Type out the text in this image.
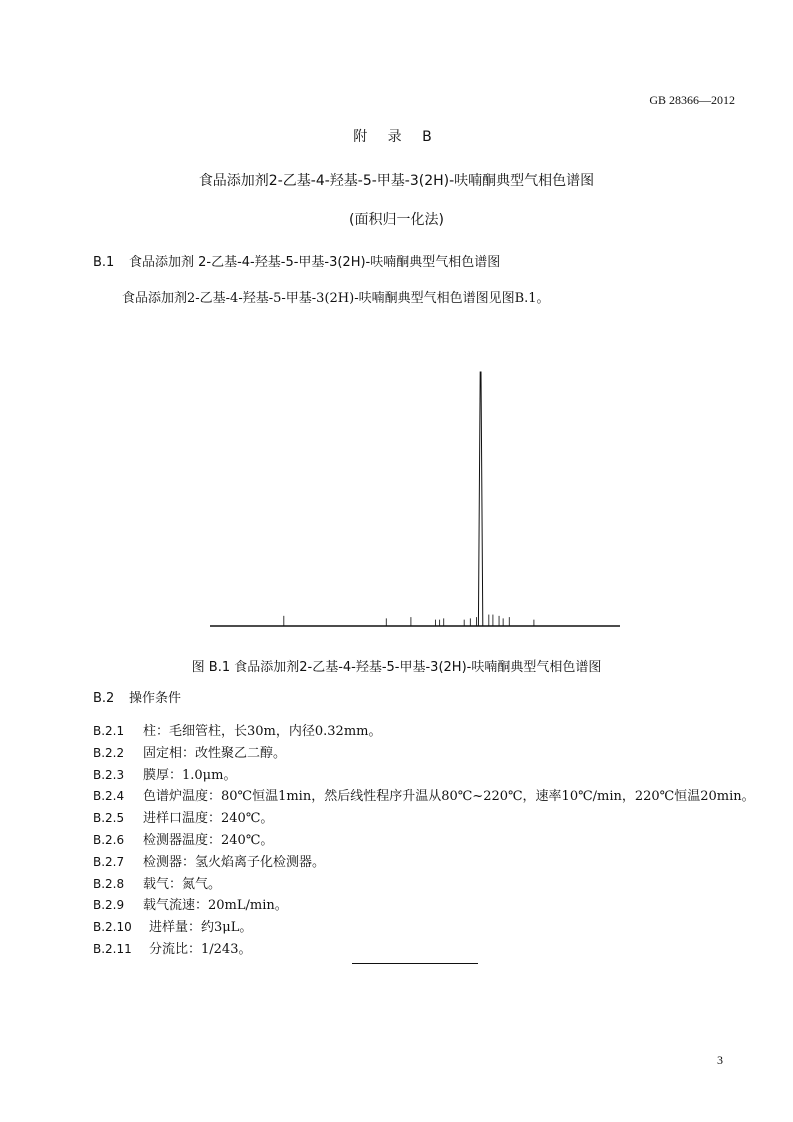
GB 28366—2012
附 录 B
食品添加剂2-乙基-4-羟基-5-甲基-3(2H)-呋喃酮典型气相色谱图
(面积归一化法)
B.1 食品添加剂 2-乙基-4-羟基-5-甲基-3(2H)-呋喃酮典型气相色谱图
食品添加剂2-乙基-4-羟基-5-甲基-3(2H)-呋喃酮典型气相色谱图见图B.1。
图 B.1 食品添加剂2-乙基-4-羟基-5-甲基-3(2H)-呋喃酮典型气相色谱图
B.2 操作条件
B.2.1 柱：毛细管柱，长30m，内径0.32mm。
B.2.2 固定相：改性聚乙二醇。
B.2.3 膜厚：1.0μm。
B.2.4 色谱炉温度：80℃恒温1min，然后线性程序升温从80℃~220℃，速率10℃/min，220℃恒温20min。
B.2.5 进样口温度：240℃。
B.2.6 检测器温度：240℃。
B.2.7 检测器：氢火焰离子化检测器。
B.2.8 载气：氮气。
B.2.9 载气流速：20mL/min。
B.2.10 进样量：约3μL。
B.2.11 分流比：1/243。
3
